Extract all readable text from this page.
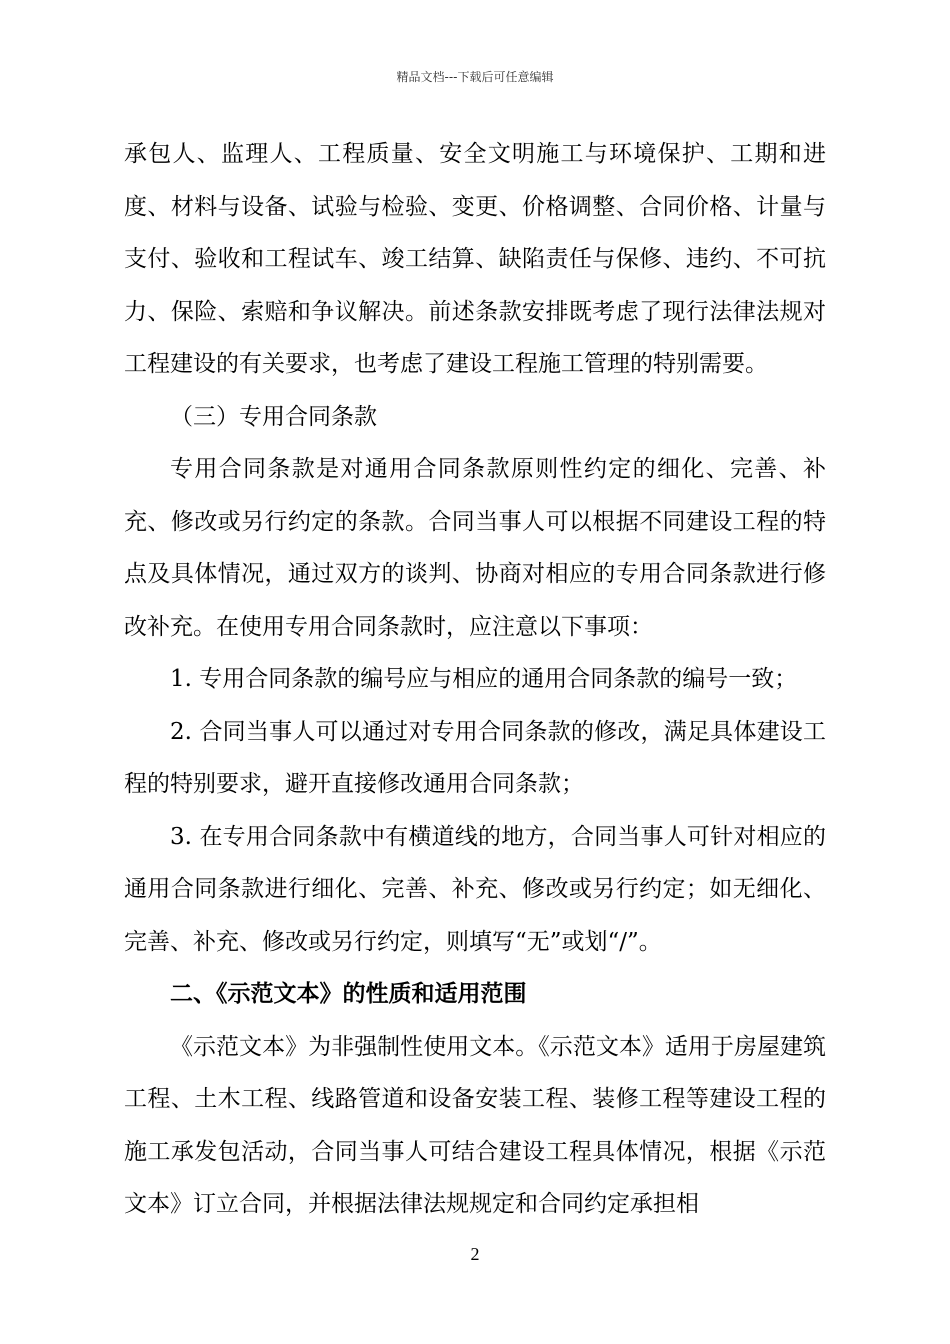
精品文档---下载后可任意编辑

承包人、监理人、工程质量、安全文明施工与环境保护、工期和进度、材料与设备、试验与检验、变更、价格调整、合同价格、计量与支付、验收和工程试车、竣工结算、缺陷责任与保修、违约、不可抗力、保险、索赔和争议解决。前述条款安排既考虑了现行法律法规对工程建设的有关要求，也考虑了建设工程施工管理的特别需要。

（三）专用合同条款

专用合同条款是对通用合同条款原则性约定的细化、完善、补充、修改或另行约定的条款。合同当事人可以根据不同建设工程的特点及具体情况，通过双方的谈判、协商对相应的专用合同条款进行修改补充。在使用专用合同条款时，应注意以下事项：

1. 专用合同条款的编号应与相应的通用合同条款的编号一致；

2. 合同当事人可以通过对专用合同条款的修改，满足具体建设工程的特别要求，避开直接修改通用合同条款；

3. 在专用合同条款中有横道线的地方，合同当事人可针对相应的通用合同条款进行细化、完善、补充、修改或另行约定；如无细化、完善、补充、修改或另行约定，则填写“无”或划“/”。

二、《示范文本》的性质和适用范围

《示范文本》为非强制性使用文本。《示范文本》适用于房屋建筑工程、土木工程、线路管道和设备安装工程、装修工程等建设工程的施工承发包活动，合同当事人可结合建设工程具体情况，根据《示范文本》订立合同，并根据法律法规规定和合同约定承担相

2
